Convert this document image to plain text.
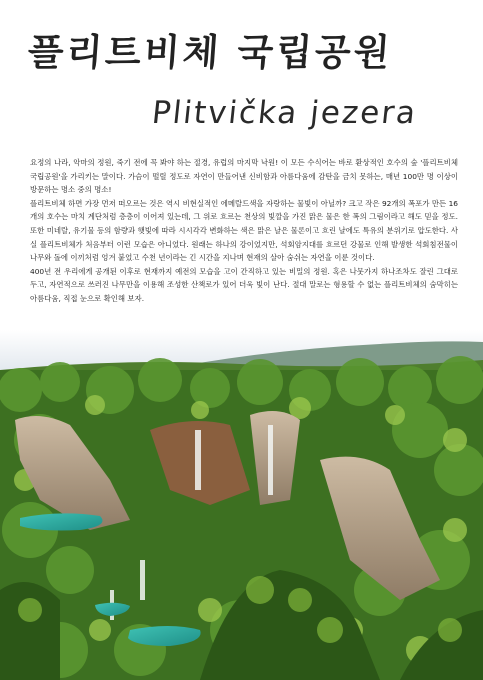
플리트비체 국립공원
Plitvička jezera

요정의 나라, 악마의 정원, 죽기 전에 꼭 봐야 하는 절경, 유럽의 마지막 낙원! 이 모든 수식어는 바로 환상적인 호수의 숲 '플리트비체 국립공원'을 가리키는 말이다. 가슴이 떨릴 정도로 자연이 만들어낸 신비함과 아름다움에 감탄을 금치 못하는, 매년 100만 명 이상이 방문하는 명소 중의 명소!

플리트비체 하면 가장 먼저 떠오르는 것은 역시 비현실적인 에메랄드색을 자랑하는 물빛이 아닐까? 크고 작은 92개의 폭포가 만든 16개의 호수는 마치 계단처럼 층층이 이어져 있는데, 그 위로 흐르는 천상의 빛깔을 가진 맑은 물은 한 폭의 그림이라고 해도 믿을 정도. 또한 미네랄, 유기물 등의 함량과 햇빛에 따라 시시각각 변화하는 색은 맑은 날은 물론이고 흐린 날에도 특유의 분위기로 압도한다. 사실 플리트비체가 처음부터 이런 모습은 아니었다. 원래는 하나의 강이었지만, 석회암지대를 흐르던 강물로 인해 발생한 석회침전물이 나무와 돌에 이끼처럼 엉겨 붙었고 수천 년이라는 긴 시간을 지나며 현재의 살아 숨쉬는 자연을 이룬 것이다.

400년 전 우리에게 공개된 이후로 현재까지 예전의 모습을 고이 간직하고 있는 비밀의 정원. 혹은 나뭇가지 하나조차도 잘린 그대로 두고, 자연적으로 쓰러진 나무만을 이용해 조성한 산책로가 있어 더욱 빛이 난다. 절대 말로는 형용할 수 없는 플리트비체의 숨막히는 아름다움, 직접 눈으로 확인해 보자.
